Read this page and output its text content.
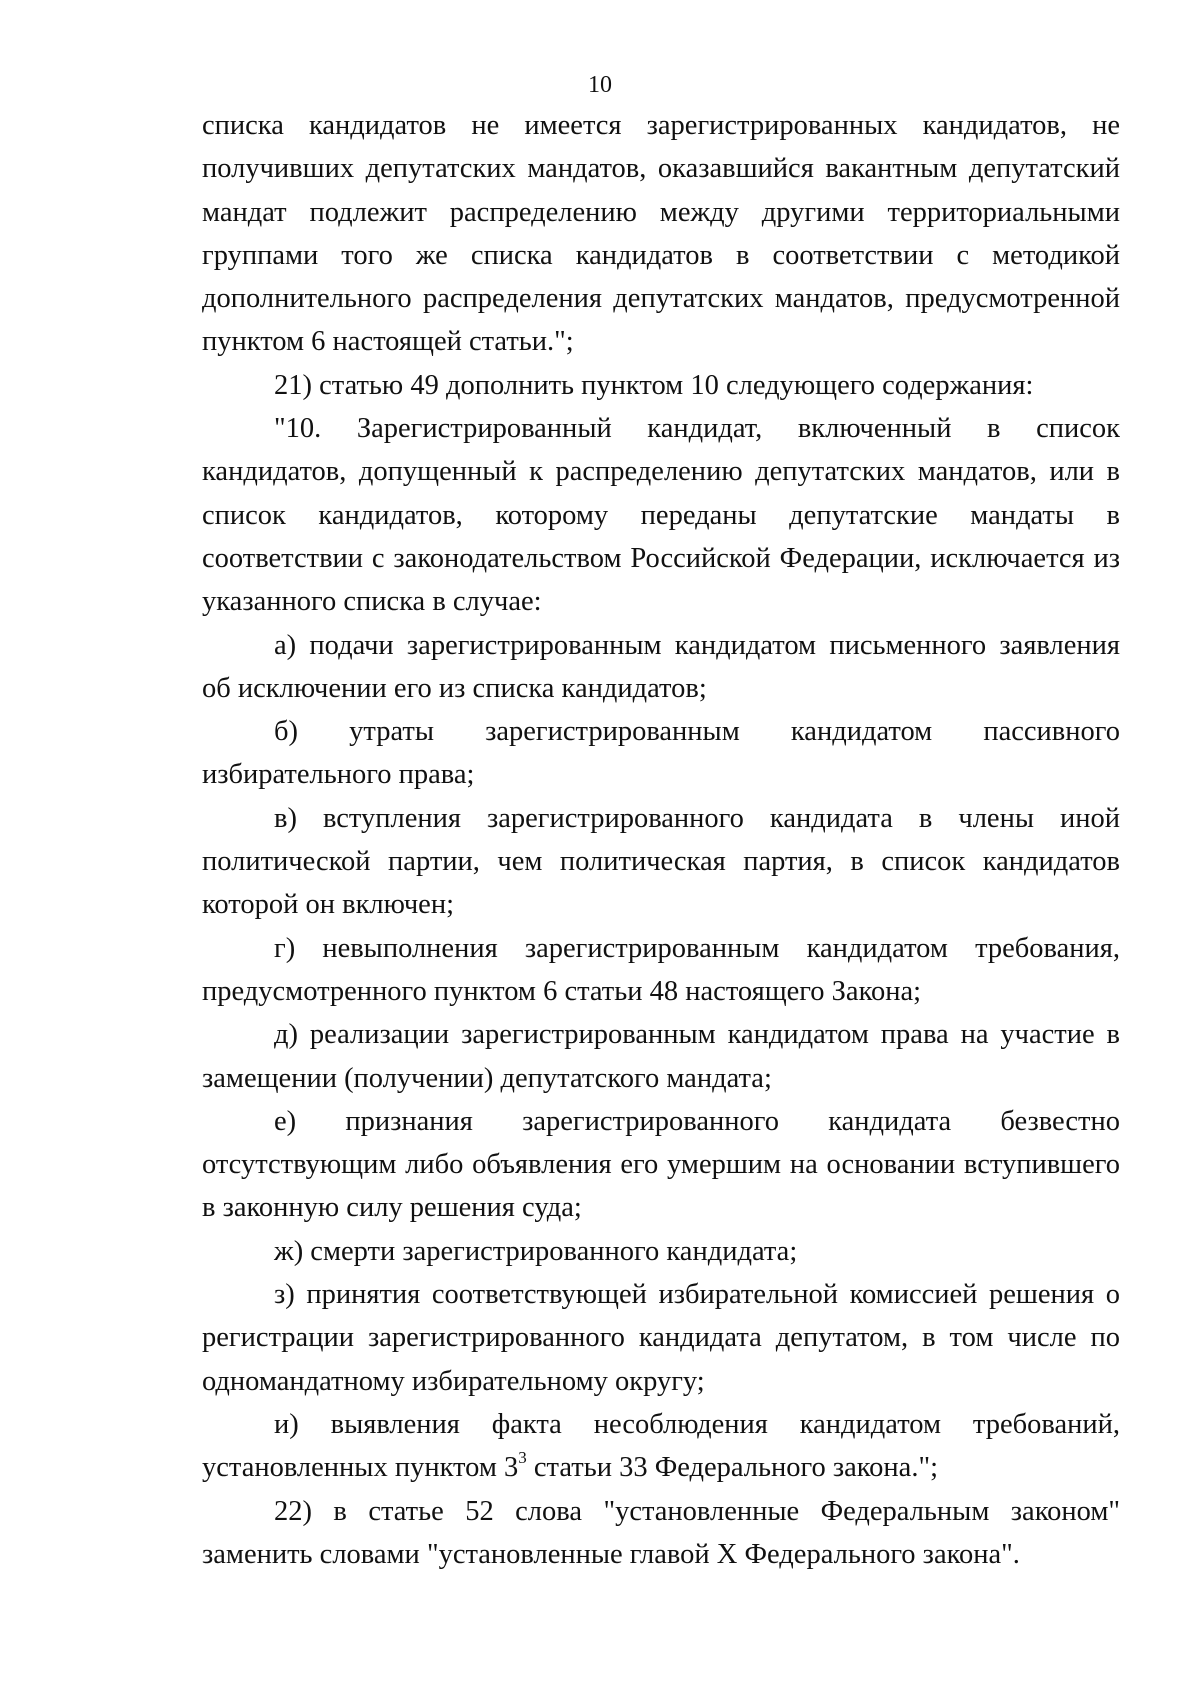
10

списка кандидатов не имеется зарегистрированных кандидатов, не получивших депутатских мандатов, оказавшийся вакантным депутатский мандат подлежит распределению между другими территориальными группами того же списка кандидатов в соответствии с методикой дополнительного распределения депутатских мандатов, предусмотренной пунктом 6 настоящей статьи.";

21) статью 49 дополнить пунктом 10 следующего содержания:

"10. Зарегистрированный кандидат, включенный в список кандидатов, допущенный к распределению депутатских мандатов, или в список кандидатов, которому переданы депутатские мандаты в соответствии с законодательством Российской Федерации, исключается из указанного списка в случае:

а) подачи зарегистрированным кандидатом письменного заявления об исключении его из списка кандидатов;

б) утраты зарегистрированным кандидатом пассивного избирательного права;

в) вступления зарегистрированного кандидата в члены иной политической партии, чем политическая партия, в список кандидатов которой он включен;

г) невыполнения зарегистрированным кандидатом требования, предусмотренного пунктом 6 статьи 48 настоящего Закона;

д) реализации зарегистрированным кандидатом права на участие в замещении (получении) депутатского мандата;

е) признания зарегистрированного кандидата безвестно отсутствующим либо объявления его умершим на основании вступившего в законную силу решения суда;

ж) смерти зарегистрированного кандидата;

з) принятия соответствующей избирательной комиссией решения о регистрации зарегистрированного кандидата депутатом, в том числе по одномандатному избирательному округу;

и) выявления факта несоблюдения кандидатом требований, установленных пунктом $3^3$ статьи 33 Федерального закона.";

22) в статье 52 слова "установленные Федеральным законом" заменить словами "установленные главой X Федерального закона".
